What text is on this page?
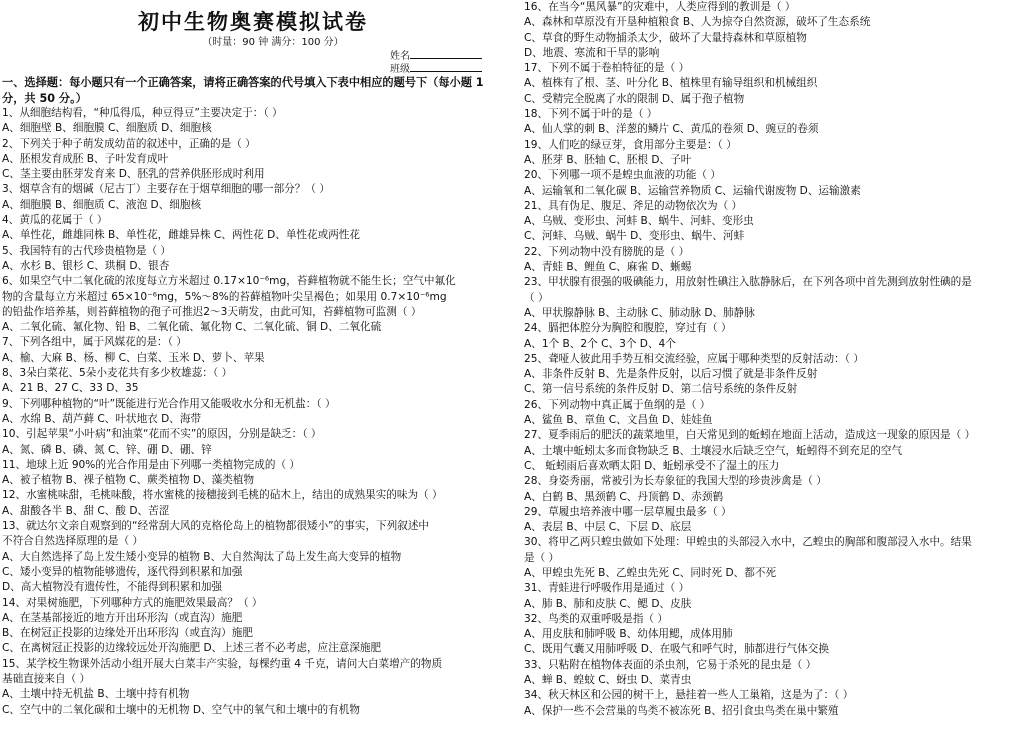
初中生物奥赛模拟试卷
（时量：90 钟 满分：100 分）
姓名
班级
一、选择题：每小题只有一个正确答案，请将正确答案的代号填入下表中相应的题号下（每小题 1 分，共 50 分。）
1、从细胞结构看，“种瓜得瓜，种豆得豆”主要决定于：（ ）
A、细胞壁 B、细胞膜 C、细胞质 D、细胞核
2、下列关于种子萌发成幼苗的叙述中，正确的是（ ）
A、胚根发育成胚 B、子叶发育成叶
C、茎主要由胚芽发育来 D、胚乳的营养供胚形成时利用
3、烟草含有的烟碱（尼古丁）主要存在于烟草细胞的哪一部分？（ ）
A、细胞膜 B、细胞质 C、液泡 D、细胞核
4、黄瓜的花属于（ ）
A、单性花，雌雄同株 B、单性花，雌雄异株 C、两性花 D、单性花或两性花
5、我国特有的古代珍贵植物是（ ）
A、水杉 B、银杉 C、珙桐 D、银杏
6、如果空气中二氧化硫的浓度每立方米超过 0.17×10⁻⁶mg，苔藓植物就不能生长；空气中氟化
物的含量每立方米超过 65×10⁻⁶mg，5%～8%的苔藓植物叶尖呈褐色；如果用 0.7×10⁻⁶mg
的铅盐作培养基，则苔藓植物的孢子可推迟2～3天萌发，由此可知，苔藓植物可监测（ ）
A、二氧化硫、氟化物、铅 B、二氧化硫、氟化物 C、二氧化硫、铜 D、二氧化硫
7、下列各组中，属于风媒花的是：（ ）
A、榆、大麻 B、杨、柳 C、白菜、玉米 D、萝卜、苹果
8、3朵白菜花、5朵小麦花共有多少枚雄蕊：（ ）
A、21 B、27 C、33 D、35
9、下列哪种植物的“叶”既能进行光合作用又能吸收水分和无机盐：（ ）
A、水绵 B、葫芦藓 C、叶状地衣 D、海带
10、引起苹果“小叶病”和油菜“花而不实”的原因，分别是缺乏：（ ）
A、氮、磷 B、磷、氮 C、锌、硼 D、硼、锌
11、地球上近 90%的光合作用是由下列哪一类植物完成的（ ）
A、被子植物 B、裸子植物 C、蕨类植物 D、藻类植物
12、水蜜桃味甜，毛桃味酸，将水蜜桃的接穗接到毛桃的砧木上，结出的成熟果实的味为（ ）
A、甜酸各半 B、甜 C、酸 D、苦涩
13、就达尔文亲自观察到的“经常刮大风的克格伦岛上的植物都很矮小”的事实，下列叙述中
不符合自然选择原理的是（ ）
A、大自然选择了岛上发生矮小变异的植物 B、大自然淘汰了岛上发生高大变异的植物
C、矮小变异的植物能够遗传，逐代得到积累和加强
D、高大植物没有遗传性，不能得到积累和加强
14、对果树施肥，下列哪种方式的施肥效果最高？（ ）
A、在茎基部接近的地方开出环形沟（或直沟）施肥
B、在树冠正投影的边缘处开出环形沟（或直沟）施肥
C、在离树冠正投影的边缘较远处开沟施肥 D、上述三者不必考虑，应注意深施肥
15、某学校生物课外活动小组开展大白菜丰产实验，每棵约重 4 千克，请问大白菜增产的物质
基础直接来自（ ）
A、土壤中持无机盐 B、土壤中持有机物
C、空气中的二氧化碳和土壤中的无机物 D、空气中的氧气和土壤中的有机物
16、在当今“黑风暴”的灾难中，人类应得到的教训是（ ）
A、森林和草原没有开垦种植粮食 B、人为掠夺自然资源，破坏了生态系统
C、草食的野生动物捕杀太少，破坏了大量持森林和草原植物
D、地震、寒流和干旱的影响
17、下列不属于卷柏特征的是（ ）
A、植株有了根、茎、叶分化 B、植株里有输导组织和机械组织
C、受精完全脱离了水的限制 D、属于孢子植物
18、下列不属于叶的是（ ）
A、仙人掌的刺 B、洋葱的鳞片 C、黄瓜的卷须 D、豌豆的卷须
19、人们吃的绿豆芽，食用部分主要是：（ ）
A、胚芽 B、胚轴 C、胚根 D、子叶
20、下列哪一项不是蝗虫血液的功能（ ）
A、运输氧和二氧化碳 B、运输营养物质 C、运输代谢废物 D、运输激素
21、具有伪足、腹足、斧足的动物依次为（ ）
A、乌贼、变形虫、河蚌 B、蜗牛、河蚌、变形虫
C、河蚌、乌贼、蜗牛 D、变形虫、蜗牛、河蚌
22、下列动物中没有膀胱的是（ ）
A、青蛙 B、鲤鱼 C、麻雀 D、蜥蜴
23、甲状腺有很强的吸碘能力，用放射性碘注入肱静脉后，在下列各项中首先测到放射性碘的是
（ ）
A、甲状腺静脉 B、主动脉 C、肺动脉 D、肺静脉
24、膈把体腔分为胸腔和腹腔，穿过有（ ）
A、1个 B、2个 C、3个 D、4个
25、聋哑人彼此用手势互相交流经验，应属于哪种类型的反射活动：（ ）
A、非条件反射 B、先是条件反射，以后习惯了就是非条件反射
C、第一信号系统的条件反射 D、第二信号系统的条件反射
26、下列动物中真正属于鱼纲的是（ ）
A、鲨鱼 B、章鱼 C、文昌鱼 D、娃娃鱼
27、夏季雨后的肥沃的蔬菜地里，白天常见到的蚯蚓在地面上活动，造成这一现象的原因是（ ）
A、土壤中蚯蚓太多而食物缺乏 B、土壤浸水后缺乏空气，蚯蚓得不到充足的空气
C、 蚯蚓雨后喜欢晒太阳 D、蚯蚓承受不了湿土的压力
28、身姿秀丽，常被引为长寿象征的我国大型的珍贵涉禽是（ ）
A、白鹤 B、黑颈鹤 C、丹顶鹤 D、赤颈鹤
29、草履虫培养液中哪一层草履虫最多（ ）
A、表层 B、中层 C、下层 D、底层
30、将甲乙两只蝗虫做如下处理：甲蝗虫的头部浸入水中，乙蝗虫的胸部和腹部浸入水中。结果
是（ ）
A、甲蝗虫先死 B、乙蝗虫先死 C、同时死 D、都不死
31、青蛙进行呼吸作用是通过（ ）
A、肺 B、肺和皮肤 C、鳃 D、皮肤
32、鸟类的双重呼吸是指（ ）
A、用皮肤和肺呼吸 B、幼体用鳃，成体用肺
C、既用气囊又用肺呼吸 D、在吸气和呼气时，肺都进行气体交换
33、只粘附在植物体表面的杀虫剂，它易于杀死的昆虫是（ ）
A、蝉 B、蝗蚊 C、蚜虫 D、菜青虫
34、秋天林区和公园的树干上，悬挂着一些人工巢箱，这是为了：（ ）
A、保护一些不会营巢的鸟类不被冻死 B、招引食虫鸟类在巢中繁殖
